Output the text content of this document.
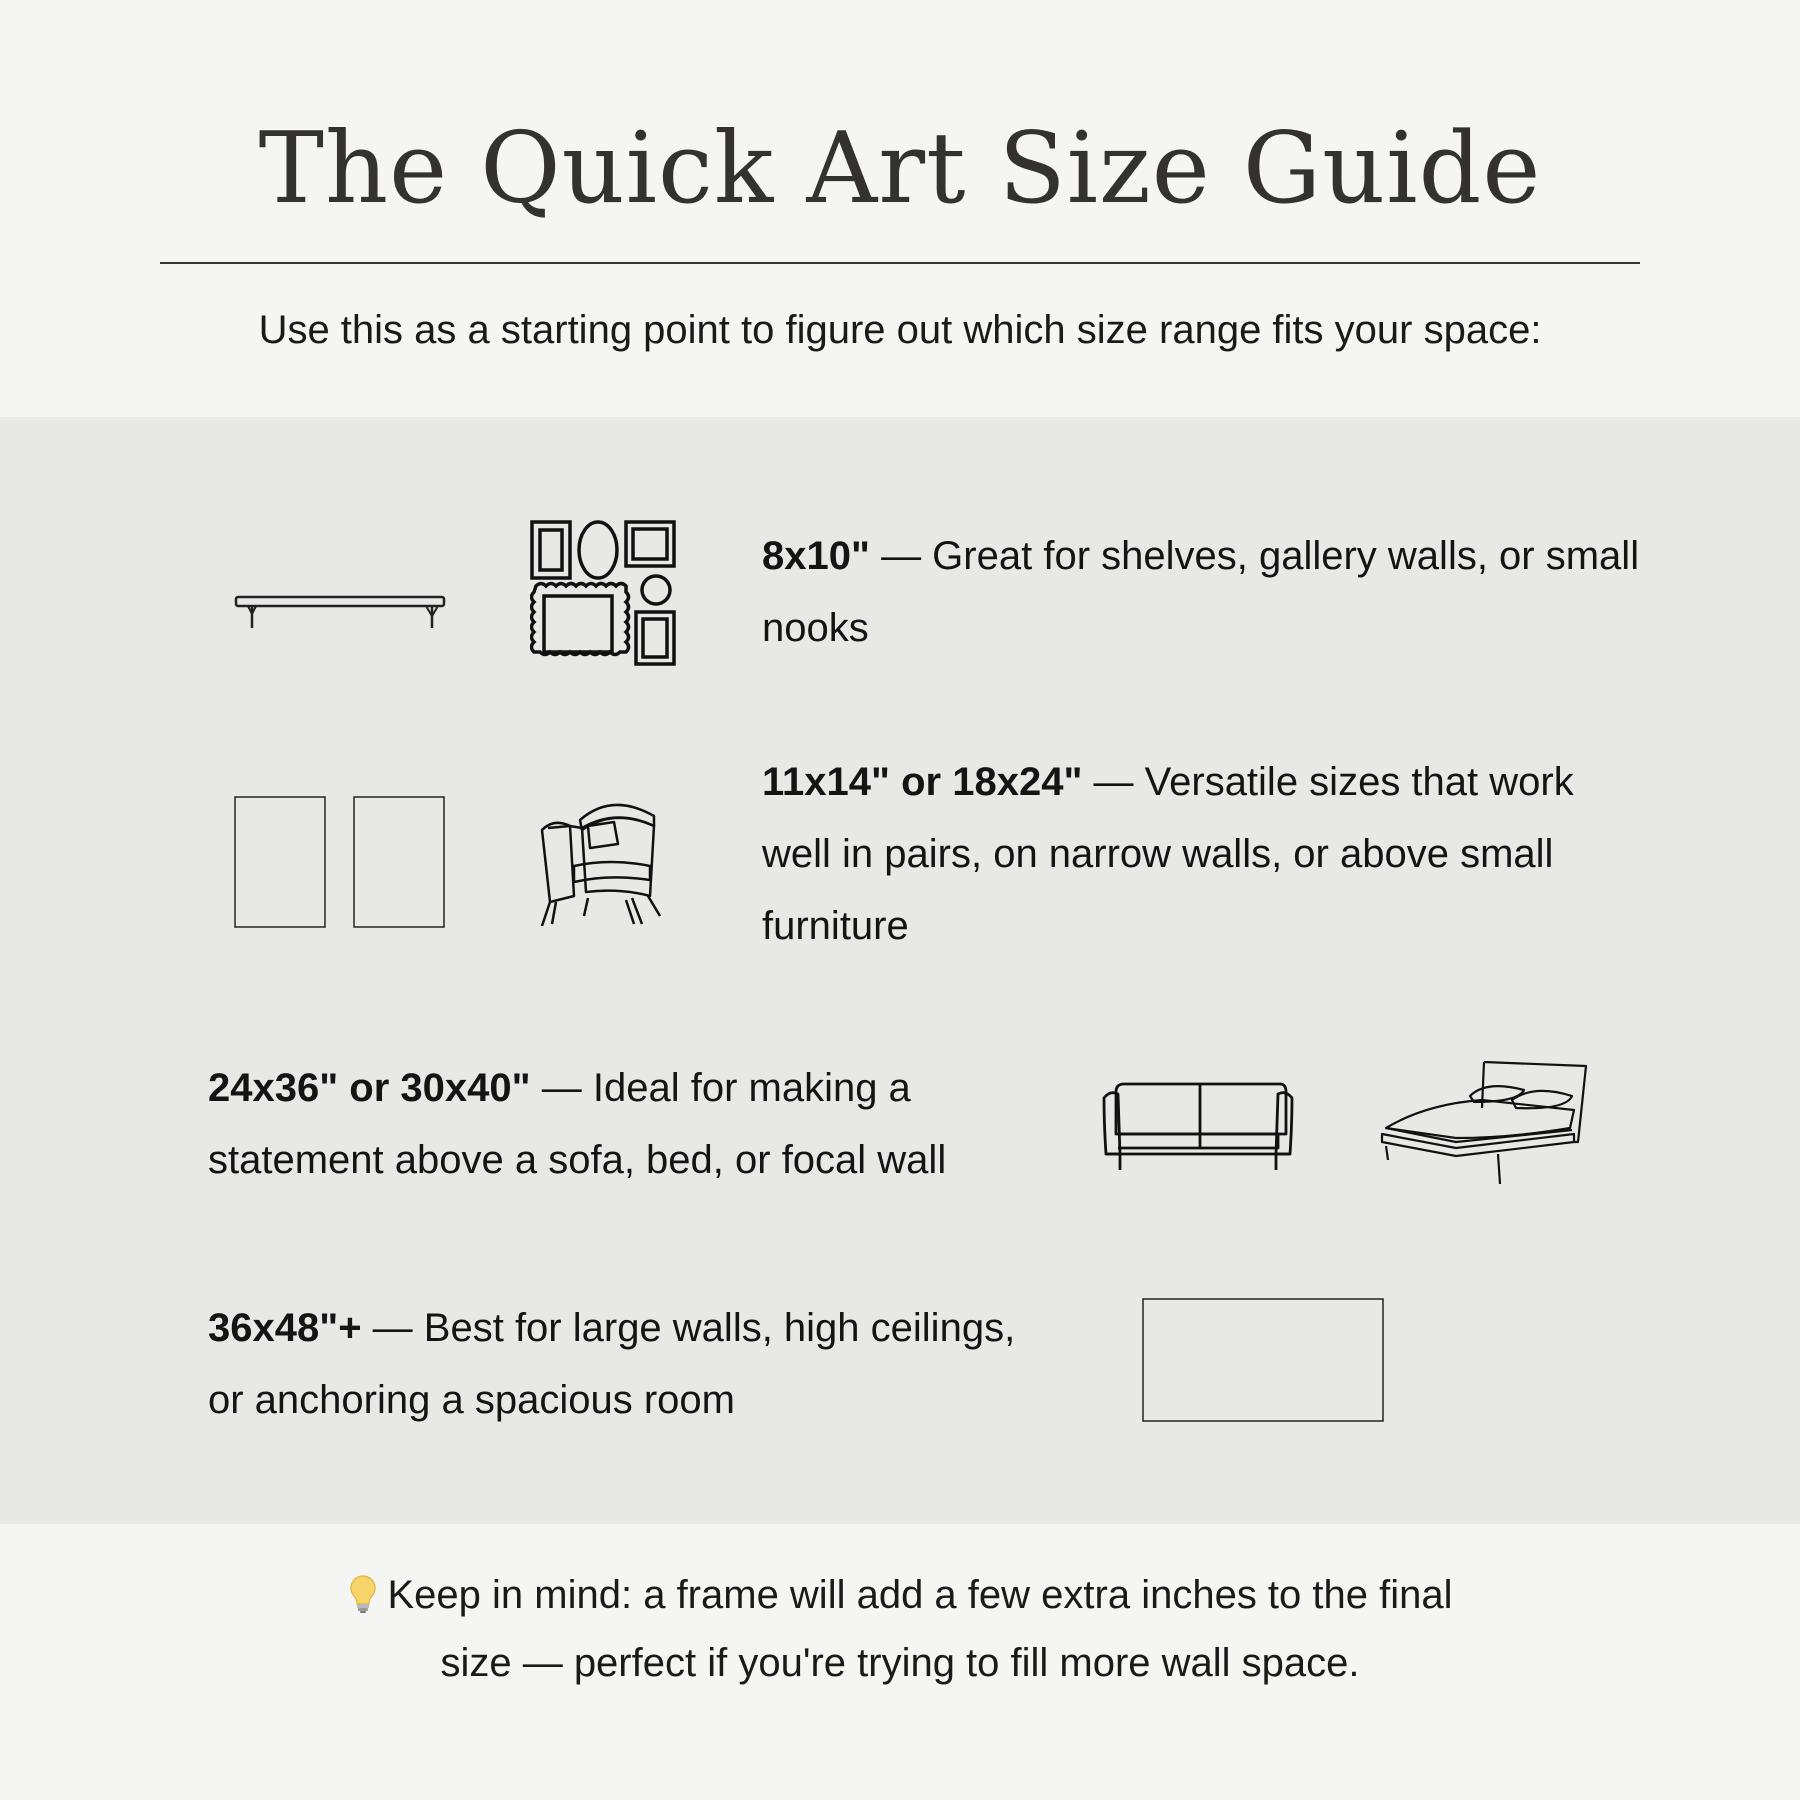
The Quick Art Size Guide

Use this as a starting point to figure out which size range fits your space:

8x10" — Great for shelves, gallery walls, or small nooks
11x14" or 18x24" — Versatile sizes that work well in pairs, on narrow walls, or above small furniture
24x36" or 30x40" — Ideal for making a statement above a sofa, bed, or focal wall
36x48"+ — Best for large walls, high ceilings, or anchoring a spacious room
Keep in mind: a frame will add a few extra inches to the final
size — perfect if you're trying to fill more wall space.
